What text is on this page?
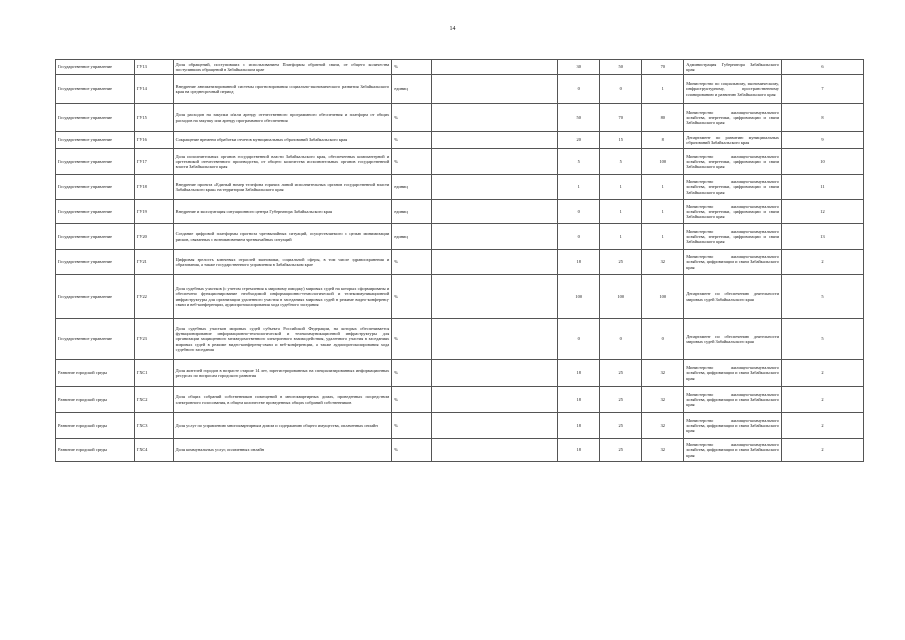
14
Государственное управление	ГУ13	Доля обращений, поступивших с использованием Платформы обратной связи, от общего количества поступивших обращений в Забайкальском крае	%		30	50	70	Администрация Губернатора Забайкальского края	6
Государственное управление	ГУ14	Внедрение автоматизированной системы прогнозирования социально-экономического развития Забайкальского края на среднесрочный период	единиц		0	0	1	Министерство по социальному, экономическому, инфраструктурному, пространственному планированию и развитию Забайкальского края	7
Государственное управление	ГУ15	Доля расходов на закупки и/или аренду отечественного программного обеспечения и платформ от общих расходов на закупку или аренду программного обеспечения	%		50	70	80	Министерство жилищно-коммунального хозяйства, энергетики, цифровизации и связи Забайкальского края	8
Государственное управление	ГУ16	Сокращение времени обработки отчетов муниципальных образований Забайкальского края	%		20	15	8	Департамент по развитию муниципальных образований Забайкальского края	9
Государственное управление	ГУ17	Доля исполнительных органов государственной власти Забайкальского края, обеспеченных компьютерной и оргтехникой отечественного производства, от общего количества исполнительных органов государственной власти Забайкальского края	%		5	5	100	Министерство жилищно-коммунального хозяйства, энергетики, цифровизации и связи Забайкальского края	10
Государственное управление	ГУ18	Внедрение проекта «Единый номер телефона горячих линий исполнительных органов государственной власти Забайкальского края» на территории Забайкальского края	единиц		1	1	1	Министерство жилищно-коммунального хозяйства, энергетики, цифровизации и связи Забайкальского края	11
Государственное управление	ГУ19	Внедрение и эксплуатация ситуационного центра Губернатора Забайкальского края	единиц		0	1	1	Министерство жилищно-коммунального хозяйства, энергетики, цифровизации и связи Забайкальского края	12
Государственное управление	ГУ20	Создание цифровой платформы прогноза чрезвычайных ситуаций, осуществляемого с целью минимизации рисков, связанных с возникновением чрезвычайных ситуаций	единиц		0	1	1	Министерство жилищно-коммунального хозяйства, энергетики, цифровизации и связи Забайкальского края	13
Государственное управление	ГУ21	Цифровая зрелость ключевых отраслей экономики, социальной сферы, в том числе здравоохранения и образования, а также государственного управления в Забайкальском крае	%		18	25	32	Министерство жилищно-коммунального хозяйства, цифровизации и связи Забайкальского края	2
Государственное управление	ГУ22	Доля судебных участков (с учетом стремления к мировому имиджу) мировых судей на которых сформированы и обеспечено функционирование необходимой информационно-технологической и телекоммуникационной инфраструктуры для организации удаленного участия в заседаниях мировых судей в режиме видео-конференц-связи и веб-конференции, аудиопротоколирования хода судебного заседания	%		100	100	100	Департамент по обеспечению деятельности мировых судей Забайкальского края	5
Государственное управление	ГУ23	Доля судебных участков мировых судей субъекта Российской Федерации, на которых обеспечивается функционирование информационно-технологической и телекоммуникационной инфраструктуры для организации защищенного межведомственного электронного взаимодействия, удаленного участия в заседаниях мировых судей в режиме видео-конференц-связи и веб-конференции, а также аудиопротоколирования хода судебного заседания	%		0	0	0	Департамент по обеспечению деятельности мировых судей Забайкальского края	5
Развитие городской среды	ГХС1	Доля жителей городов в возрасте старше 14 лет, зарегистрированных на специализированных информационных ресурсах по вопросам городского развития	%		18	25	32	Министерство жилищно-коммунального хозяйства, цифровизации и связи Забайкальского края	2
Развитие городской среды	ГХС2	Доля общих собраний собственников помещений в многоквартирных домах, проведенных посредством электронного голосования, в общем количестве проведенных общих собраний собственников	%		18	25	32	Министерство жилищно-коммунального хозяйства, цифровизации и связи Забайкальского края	2
Развитие городской среды	ГХС3	Доля услуг по управлению многоквартирным домом и содержанию общего имущества, оплаченных онлайн	%		18	25	32	Министерство жилищно-коммунального хозяйства, цифровизации и связи Забайкальского края	2
Развитие городской среды	ГХС4	Доля коммунальных услуг, оплаченных онлайн	%		18	25	32	Министерство жилищно-коммунального хозяйства, цифровизации и связи Забайкальского края	2
